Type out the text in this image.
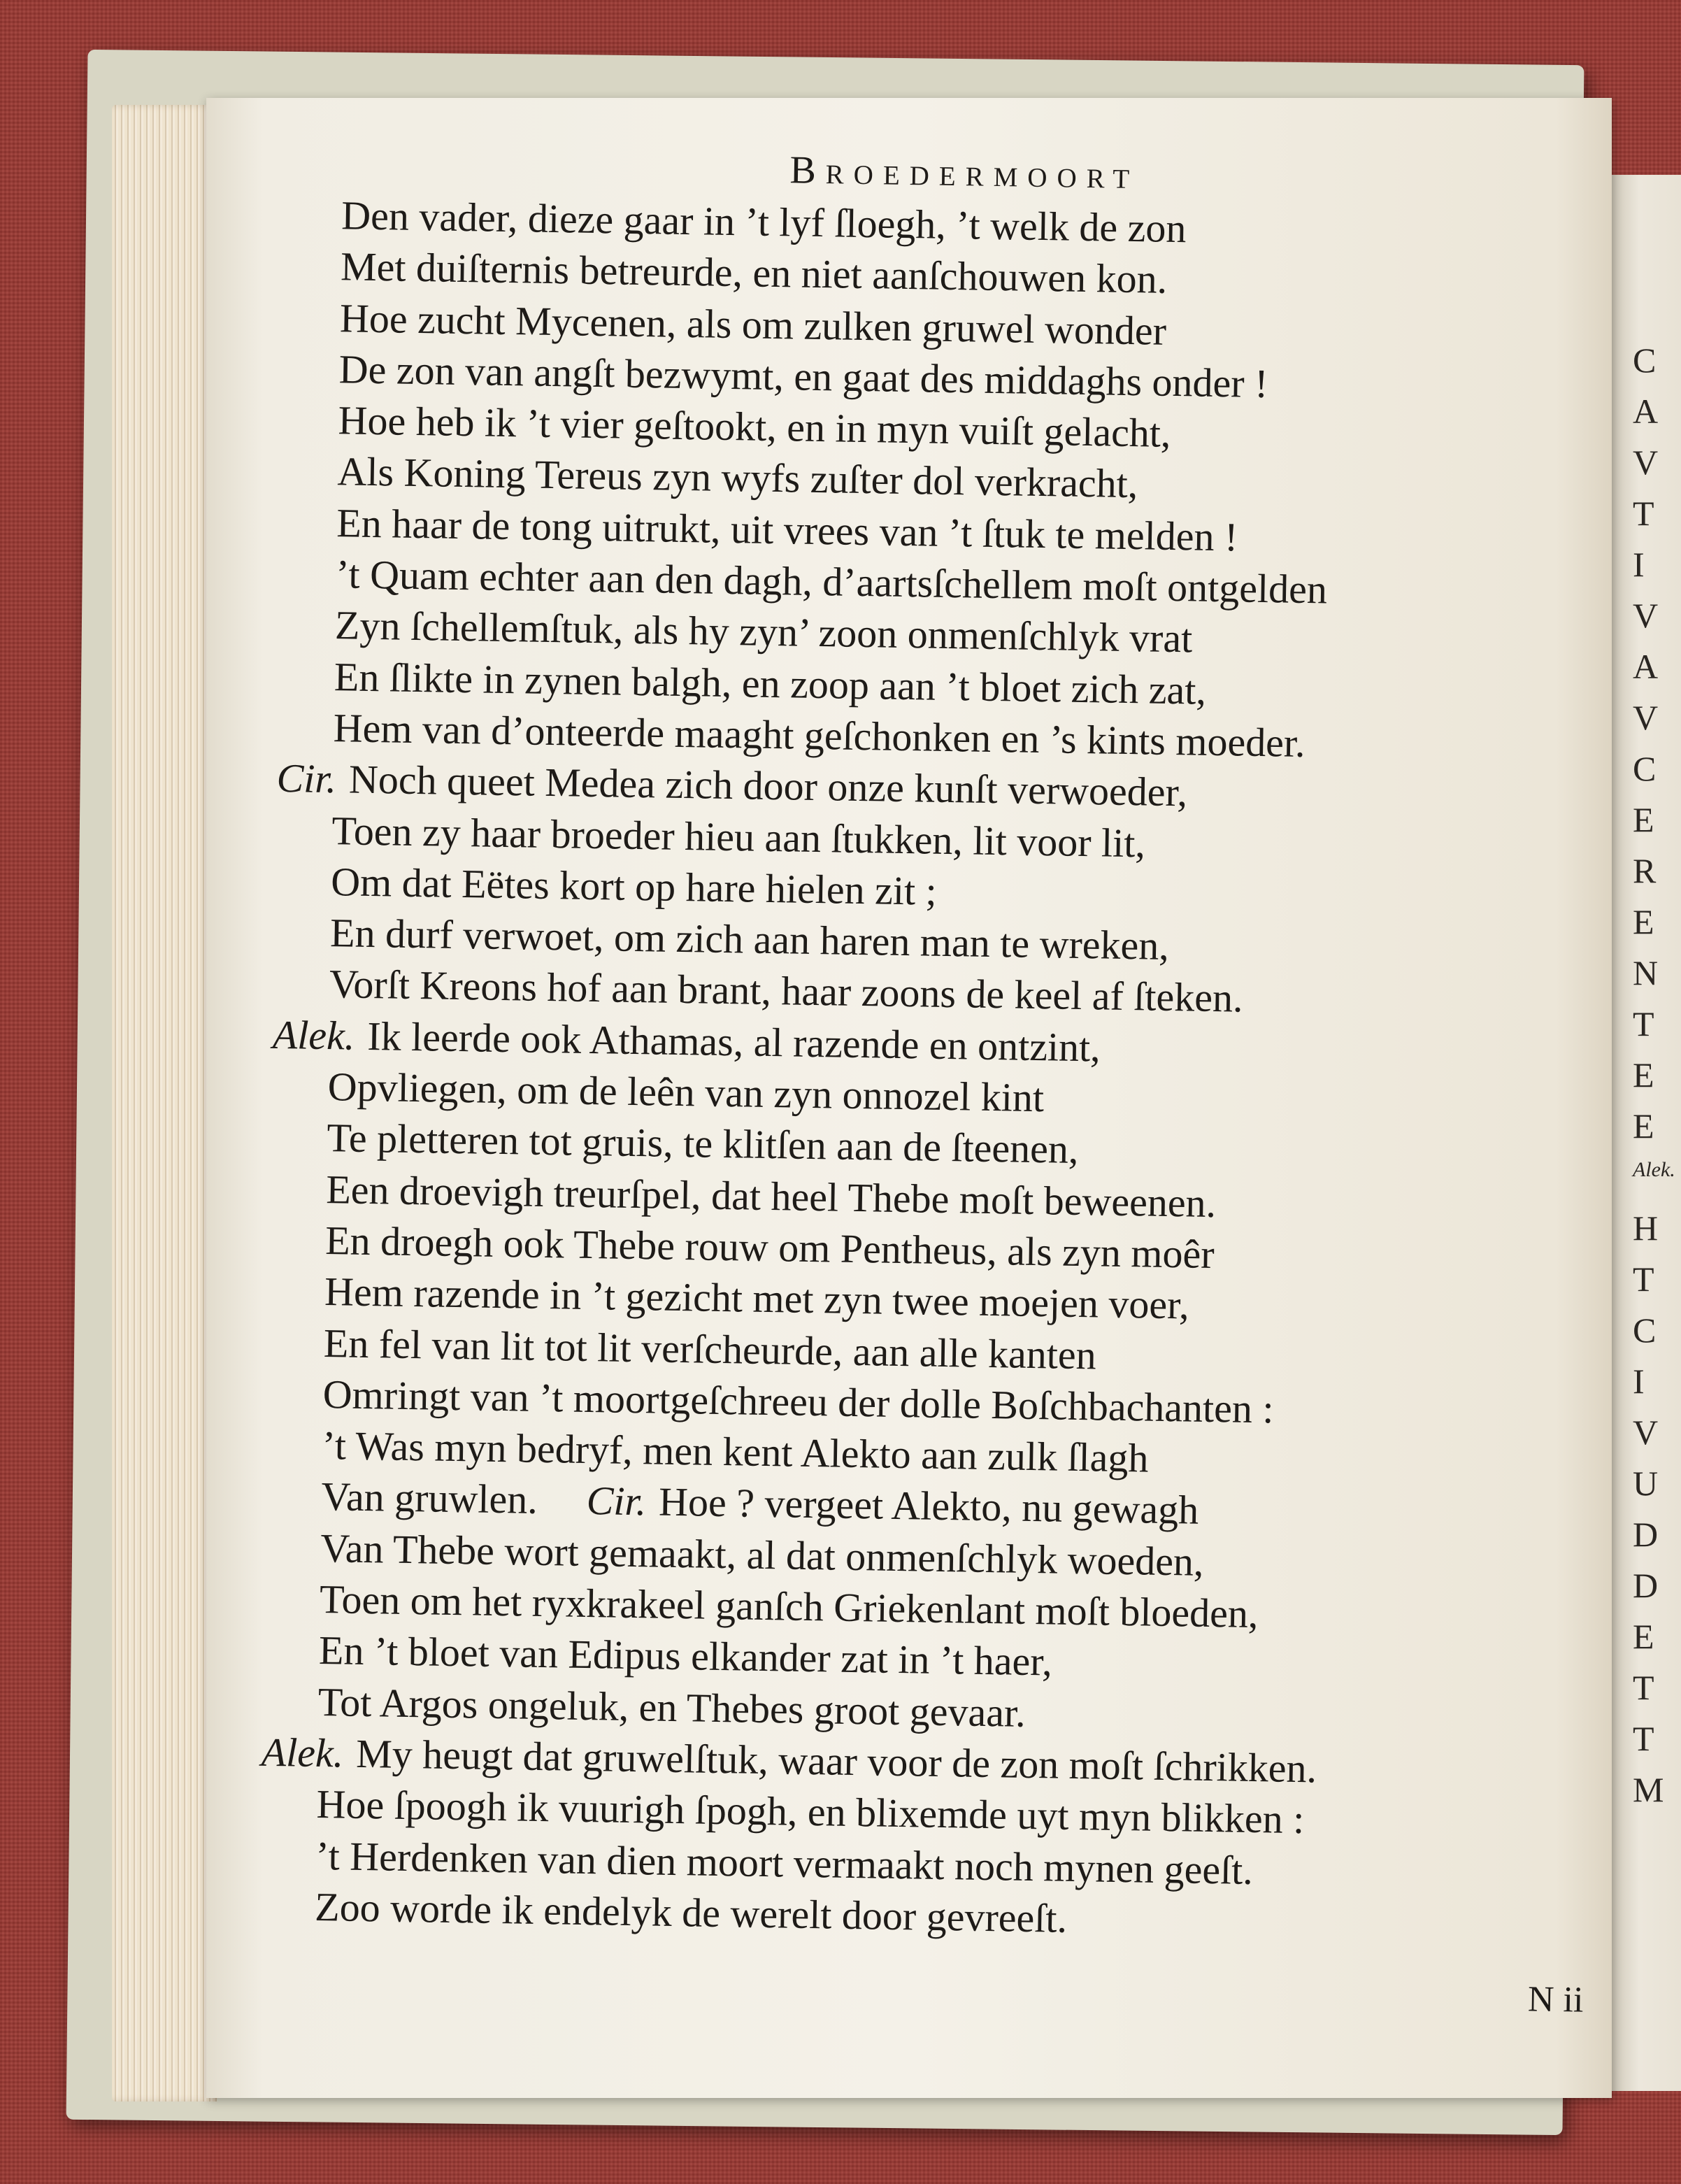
C
A
V
T
I
V
A
V
C
E
R
E
N
T
E
E
Alek.
H
T
C
I
V
U
D
D
E
T
T
M
Broedermoort
Den vader, dieze gaar in ’t lyf ſloegh, ’t welk de zon
Met duiſternis betreurde, en niet aanſchouwen kon.
Hoe zucht Mycenen, als om zulken gruwel wonder
De zon van angſt bezwymt, en gaat des middaghs onder !
Hoe heb ik ’t vier geſtookt, en in myn vuiſt gelacht,
Als Koning Tereus zyn wyfs zuſter dol verkracht,
En haar de tong uitrukt, uit vrees van ’t ſtuk te melden !
’t Quam echter aan den dagh, d’aartsſchellem moſt ontgelden
Zyn ſchellemſtuk, als hy zyn’ zoon onmenſchlyk vrat
En ſlikte in zynen balgh, en zoop aan ’t bloet zich zat,
Hem van d’onteerde maaght geſchonken en ’s kints moeder.
Cir. Noch queet Medea zich door onze kunſt verwoeder,
Toen zy haar broeder hieu aan ſtukken, lit voor lit,
Om dat Eëtes kort op hare hielen zit ;
En durf verwoet, om zich aan haren man te wreken,
Vorſt Kreons hof aan brant, haar zoons de keel af ſteken.
Alek. Ik leerde ook Athamas, al razende en ontzint,
Opvliegen, om de leên van zyn onnozel kint
Te pletteren tot gruis, te klitſen aan de ſteenen,
Een droevigh treurſpel, dat heel Thebe moſt beweenen.
En droegh ook Thebe rouw om Pentheus, als zyn moêr
Hem razende in ’t gezicht met zyn twee moejen voer,
En fel van lit tot lit verſcheurde, aan alle kanten
Omringt van ’t moortgeſchreeu der dolle Boſchbachanten :
’t Was myn bedryf, men kent Alekto aan zulk ſlagh
Van gruwlen. Cir. Hoe ? vergeet Alekto, nu gewagh
Van Thebe wort gemaakt, al dat onmenſchlyk woeden,
Toen om het ryxkrakeel ganſch Griekenlant moſt bloeden,
En ’t bloet van Edipus elkander zat in ’t haer,
Tot Argos ongeluk, en Thebes groot gevaar.
Alek. My heugt dat gruwelſtuk, waar voor de zon moſt ſchrikken.
Hoe ſpoogh ik vuurigh ſpogh, en blixemde uyt myn blikken :
’t Herdenken van dien moort vermaakt noch mynen geeſt.
Zoo worde ik endelyk de werelt door gevreeſt.
N ii
